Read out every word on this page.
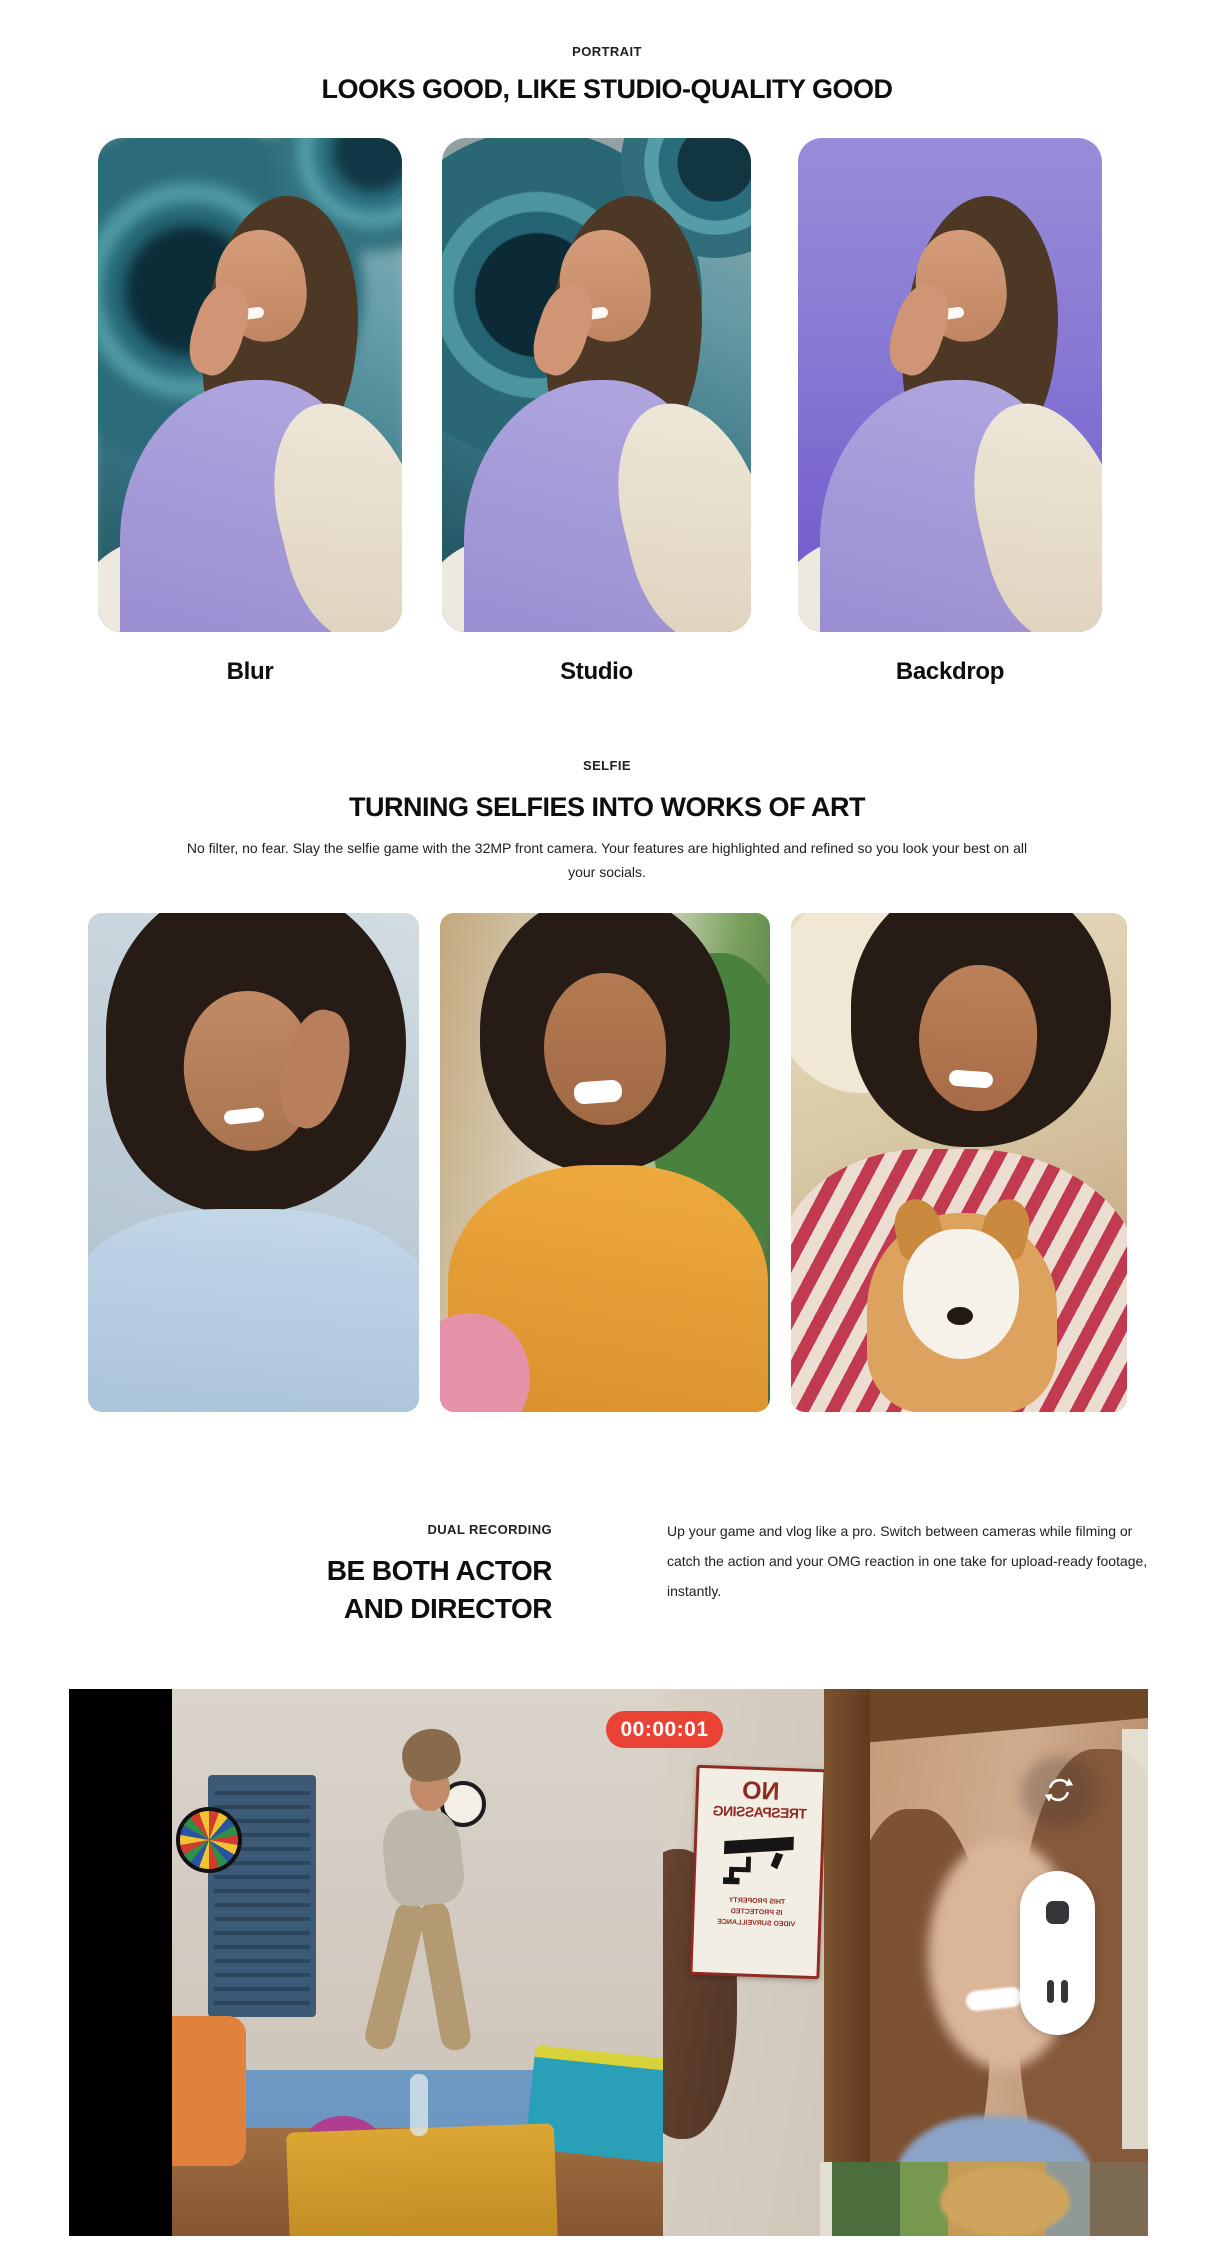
PORTRAIT
LOOKS GOOD, LIKE STUDIO-QUALITY GOOD
Blur	Studio	Backdrop
SELFIE
TURNING SELFIES INTO WORKS OF ART
No filter, no fear. Slay the selfie game with the 32MP front camera. Your features are highlighted and refined so you look your best on all
your socials.
DUAL RECORDING
BE BOTH ACTOR
AND DIRECTOR
Up your game and vlog like a pro. Switch between cameras while filming or
catch the action and your OMG reaction in one take for upload-ready footage,
instantly.
NO
TRESPASSING
THIS PROPERTY
IS PROTECTED
VIDEO SURVEILLANCE
00:00:01
